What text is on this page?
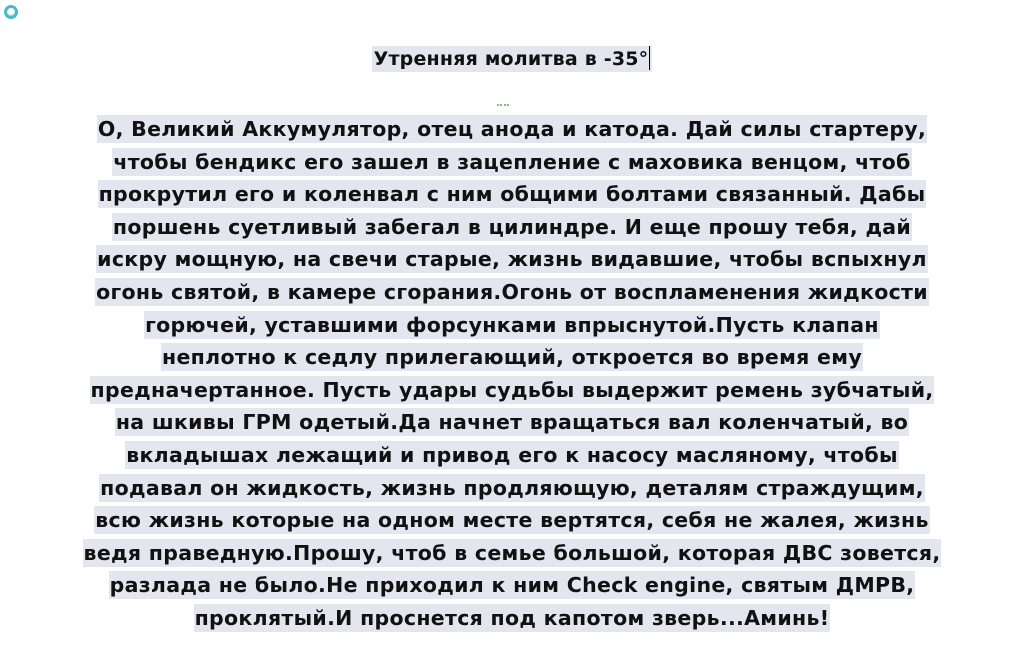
Утренняя молитва в -35°
О, Великий Аккумулятор, отец анода и катода. Дай силы стартеру,
чтобы бендикс его зашел в зацепление с маховика венцом, чтоб
прокрутил его и коленвал с ним общими болтами связанный. Дабы
поршень суетливый забегал в цилиндре. И еще прошу тебя, дай
искру мощную, на свечи старые, жизнь видавшие, чтобы вспыхнул
огонь святой, в камере сгорания.Огонь от воспламенения жидкости
горючей, уставшими форсунками впрыснутой.Пусть клапан
неплотно к седлу прилегающий, откроется во время ему
предначертанное. Пусть удары судьбы выдержит ремень зубчатый,
на шкивы ГРМ одетый.Да начнет вращаться вал коленчатый, во
вкладышах лежащий и привод его к насосу масляному, чтобы
подавал он жидкость, жизнь продляющую, деталям страждущим,
всю жизнь которые на одном месте вертятся, себя не жалея, жизнь
ведя праведную.Прошу, чтоб в семье большой, которая ДВС зовется,
разлада не было.Не приходил к ним Check engine, святым ДМРВ,
проклятый.И проснется под капотом зверь...Аминь!
